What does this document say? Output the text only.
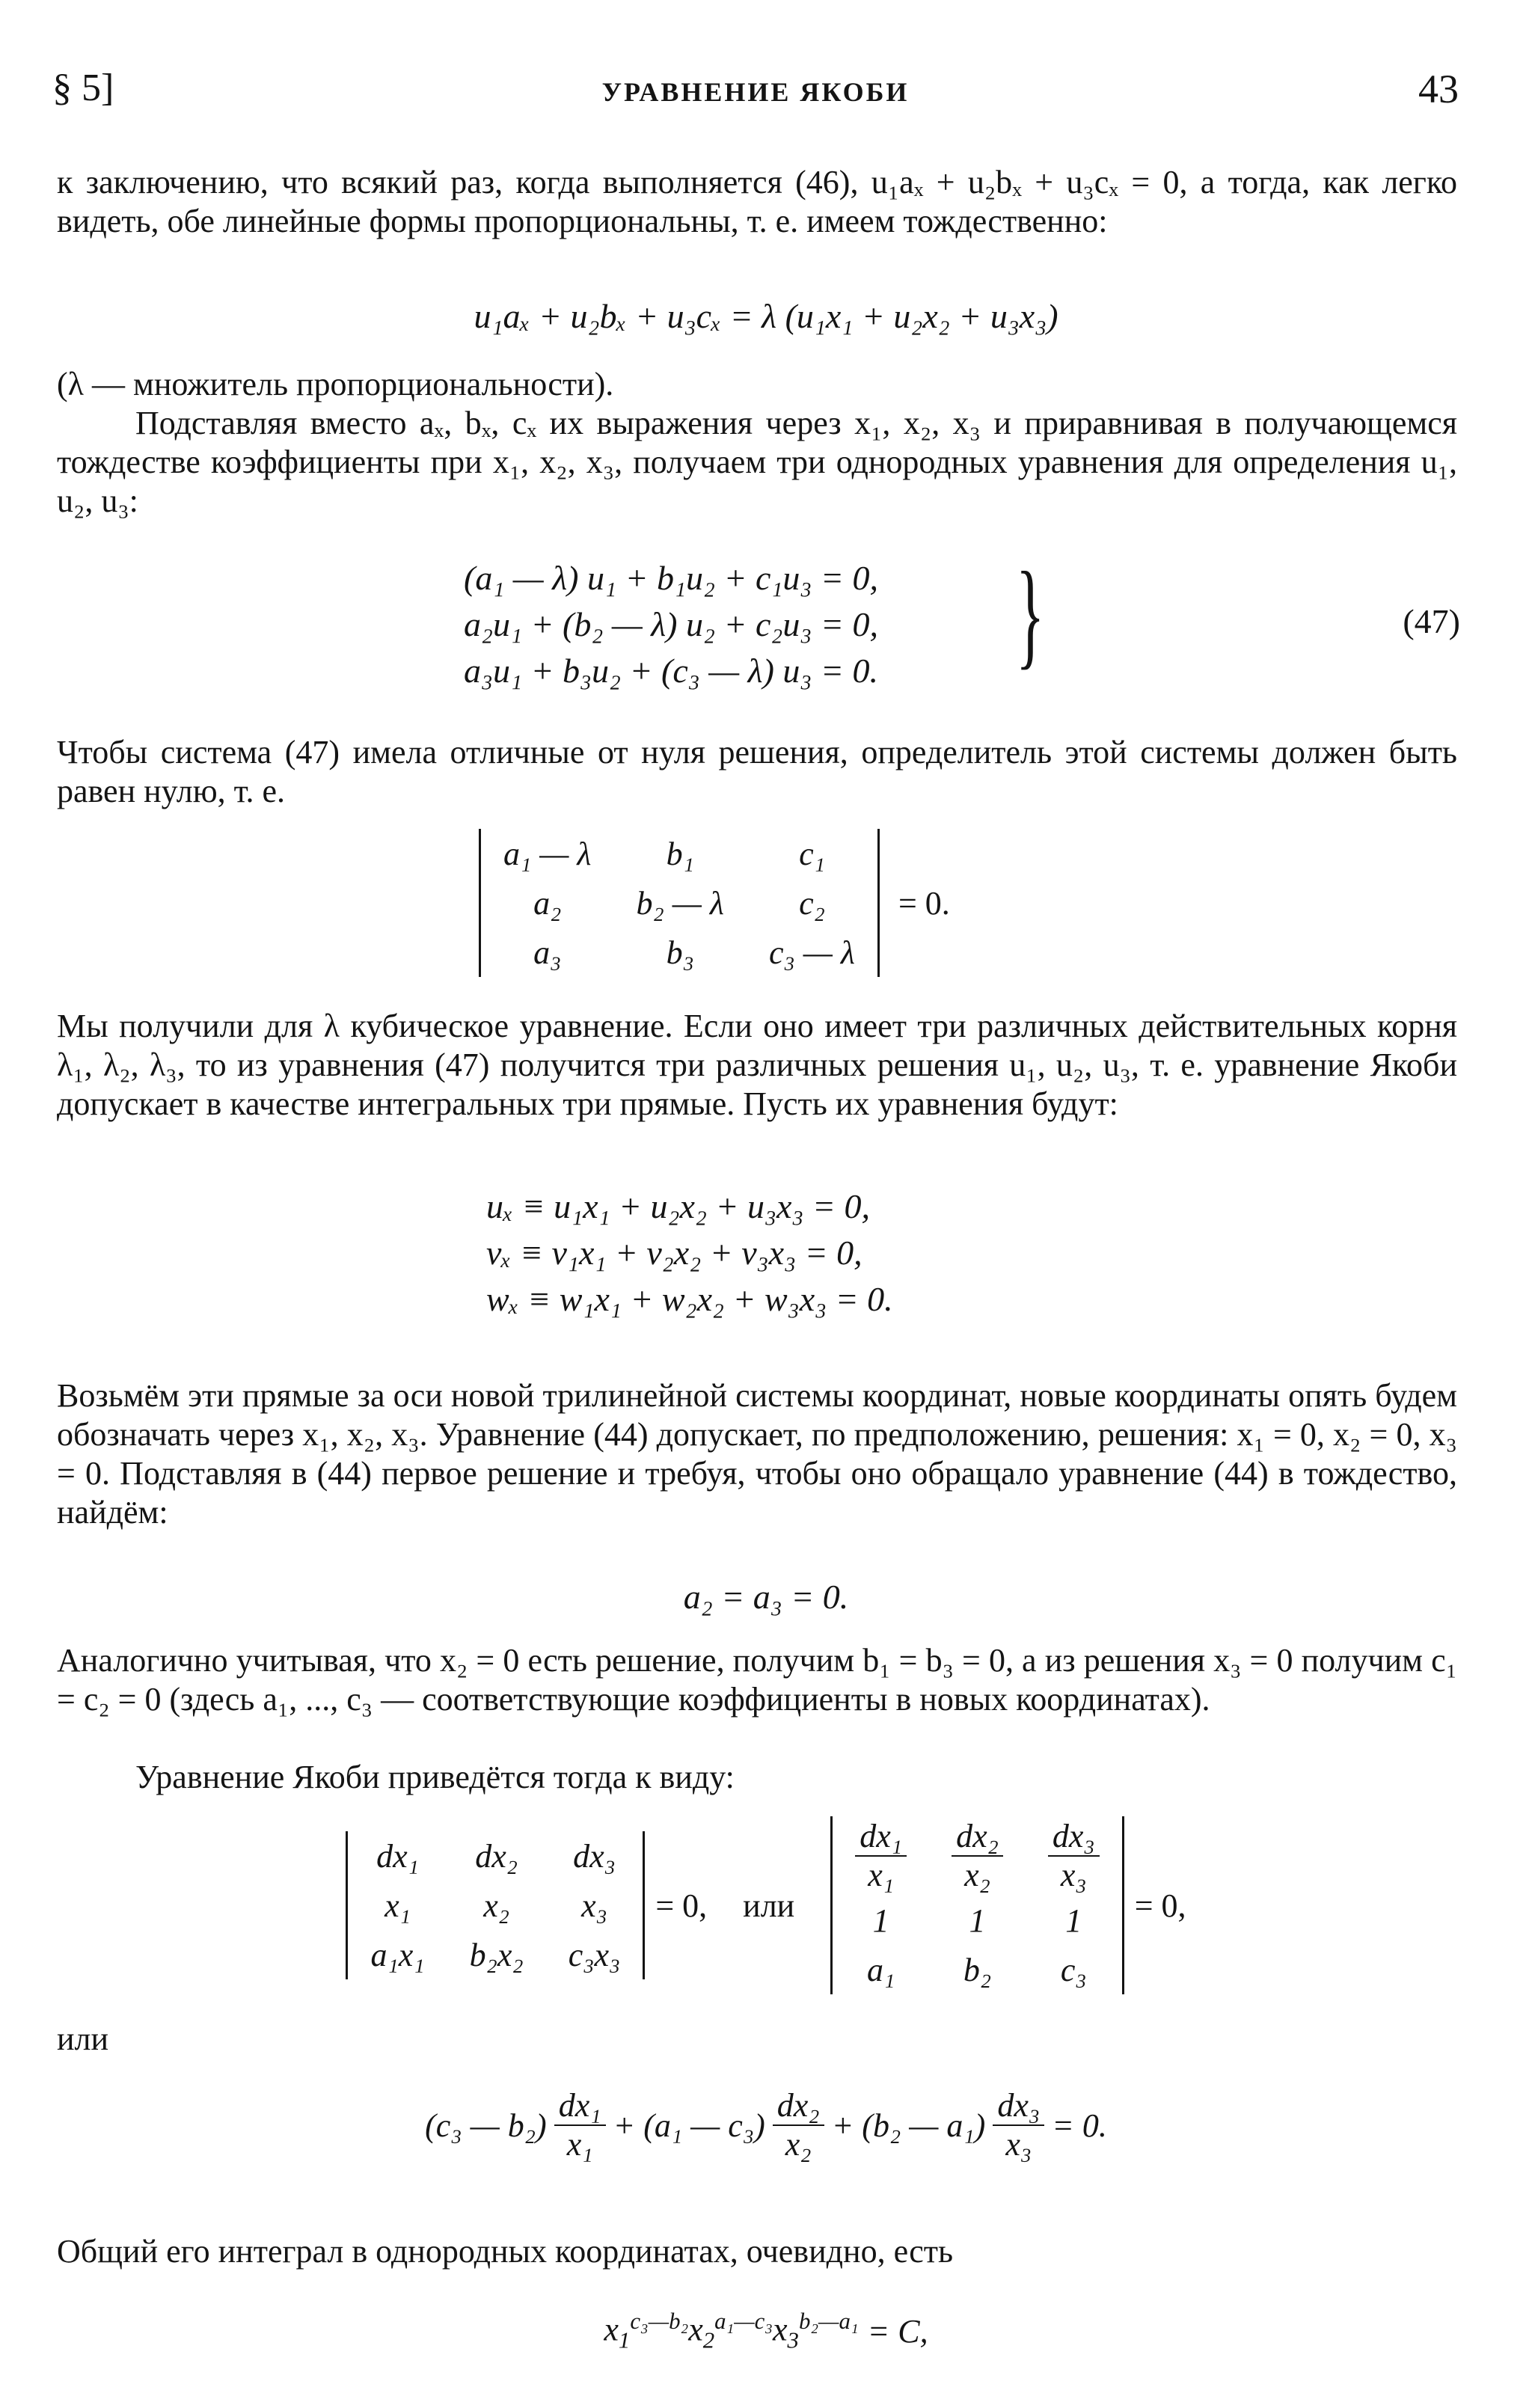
§ 5]	УРАВНЕНИЕ ЯКОБИ	43

к заключению, что всякий раз, когда выполняется (46), u₁aₓ + u₂bₓ + u₃cₓ = 0, а тогда, как легко видеть, обе линейные формы пропорциональны, т. е. имеем тождественно:

u₁aₓ + u₂bₓ + u₃cₓ = λ (u₁x₁ + u₂x₂ + u₃x₃)

(λ — множитель пропорциональности).

Подставляя вместо aₓ, bₓ, cₓ их выражения через x₁, x₂, x₃ и приравнивая в получающемся тождестве коэффициенты при x₁, x₂, x₃, получаем три однородных уравнения для определения u₁, u₂, u₃:

(a₁ — λ) u₁ + b₁u₂ + c₁u₃ = 0,
a₂u₁ + (b₂ — λ) u₂ + c₂u₃ = 0,
a₃u₁ + b₃u₂ + (c₃ — λ) u₃ = 0. }	(47)

Чтобы система (47) имела отличные от нуля решения, определитель этой системы должен быть равен нулю, т. е.

a₁ — λ	b₁	c₁
a₂	b₂ — λ	c₂
a₃	b₃	c₃ — λ = 0.

Мы получили для λ кубическое уравнение. Если оно имеет три различных действительных корня λ₁, λ₂, λ₃, то из уравнения (47) получится три различных решения u₁, u₂, u₃, т. е. уравнение Якоби допускает в качестве интегральных три прямые. Пусть их уравнения будут:

uₓ ≡ u₁x₁ + u₂x₂ + u₃x₃ = 0,
vₓ ≡ v₁x₁ + v₂x₂ + v₃x₃ = 0,
wₓ ≡ w₁x₁ + w₂x₂ + w₃x₃ = 0.

Возьмём эти прямые за оси новой трилинейной системы координат, новые координаты опять будем обозначать через x₁, x₂, x₃. Уравнение (44) допускает, по предположению, решения: x₁ = 0, x₂ = 0, x₃ = 0. Подставляя в (44) первое решение и требуя, чтобы оно обращало уравнение (44) в тождество, найдём:

a₂ = a₃ = 0.

Аналогично учитывая, что x₂ = 0 есть решение, получим b₁ = b₃ = 0, а из решения x₃ = 0 получим c₁ = c₂ = 0 (здесь a₁, ..., c₃ — соответствующие коэффициенты в новых координатах).

Уравнение Якоби приведётся тогда к виду:

dx₁	dx₂	dx₃
x₁	x₂	x₃
a₁x₁	b₂x₂	c₃x₃
= 0, или
$\frac{\text{dx₁}}{\text{x₁}}$	$\frac{\text{dx₂}}{\text{x₂}}$	$\frac{\text{dx₃}}{\text{x₃}}$

1	1	1
a₁	b₂	c₃
= 0,

или

(c₃ — $b_2) \frac{\text{dx₁}}{\text{x₁}} + (a_1$ — $c_3) \frac{\text{dx₂}}{\text{x₂}} + (b_2$ — $a_1) \frac{\text{dx₃}}{\text{x₃}} = 0$.

Общий его интеграл в однородных координатах, очевидно, есть

$x_1^{c_3—b_2}$ $x_2^{a_1—c_3}$ $x_3^{b_2—a_1} = C$,
